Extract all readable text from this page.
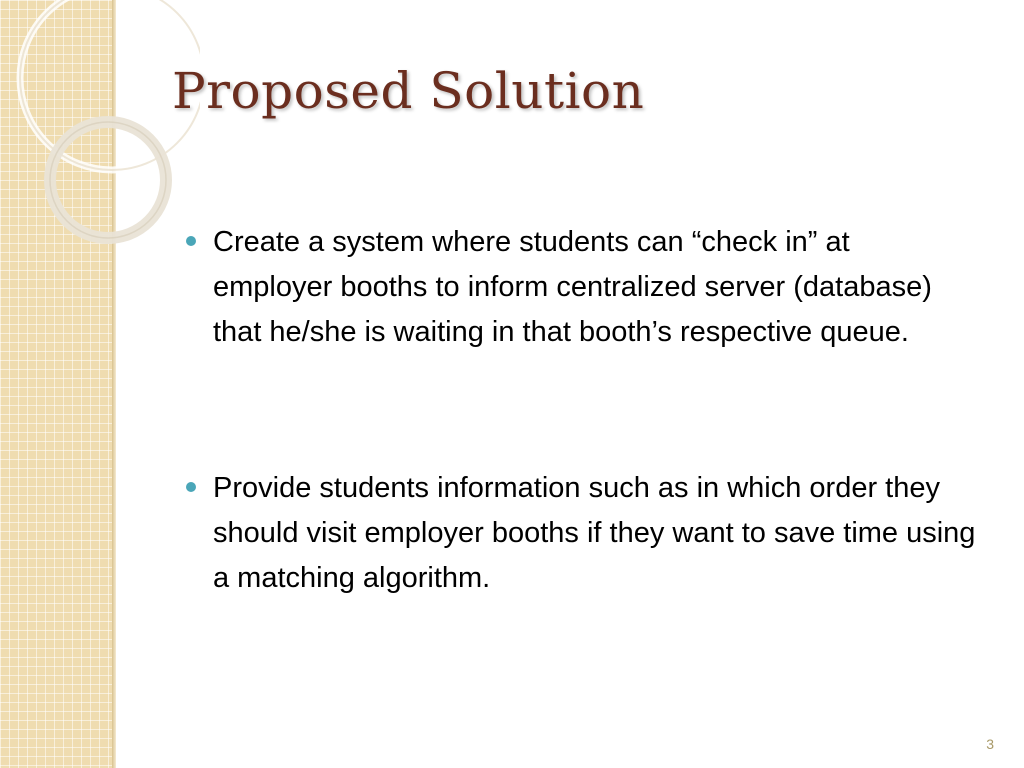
Proposed Solution
Create a system where students can “check in” at employer booths to inform centralized server (database) that he/she is waiting in that booth’s respective queue.
Provide students information such as in which order they should visit employer booths if they want to save time using a matching algorithm.
3
